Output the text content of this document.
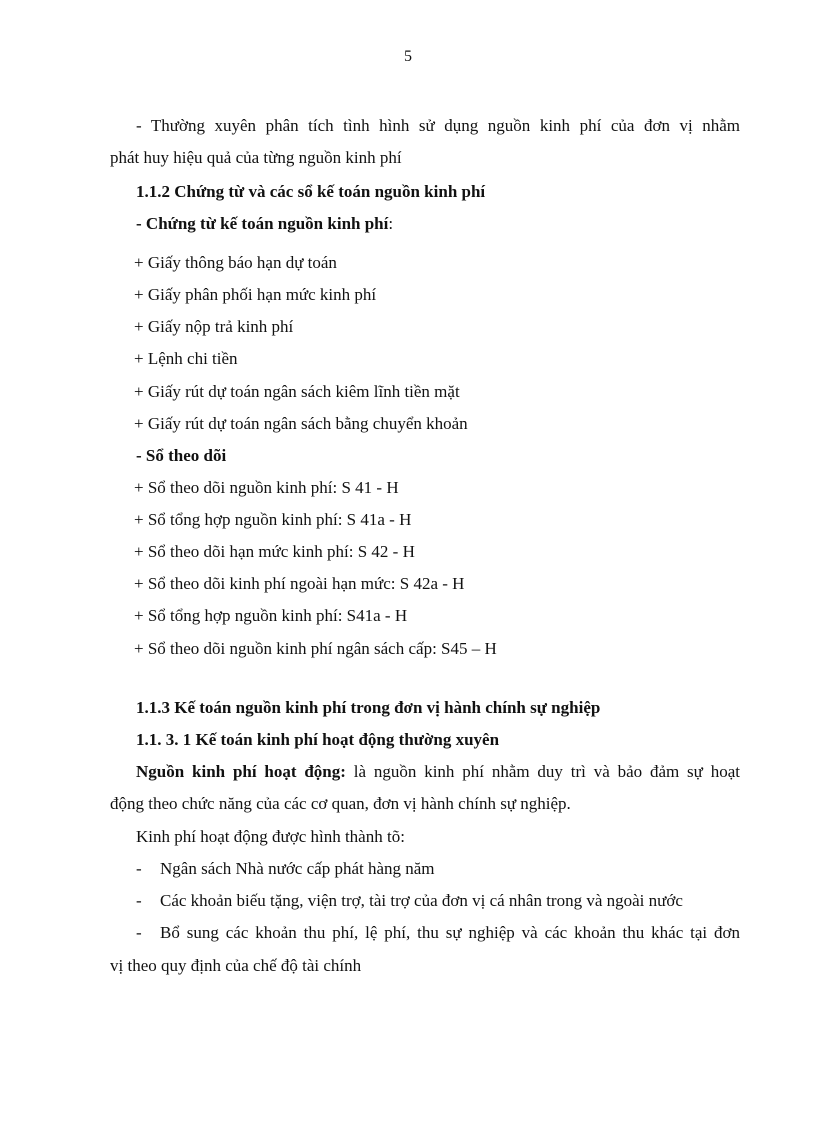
5
- Thường xuyên phân tích tình hình sử dụng nguồn kinh phí của đơn vị nhằm
phát huy hiệu quả của từng nguồn kinh phí
1.1.2 Chứng từ và các sổ kế toán nguồn kinh phí
- Chứng từ kế toán nguồn kinh phí:
+ Giấy thông báo hạn dự toán
+ Giấy phân phối hạn mức kinh phí
+ Giấy nộp trả kinh phí
+ Lệnh chi tiền
+ Giấy rút dự toán ngân sách kiêm lĩnh tiền mặt
+ Giấy rút dự toán ngân sách bằng chuyển khoản
- Sổ theo dõi
+ Sổ theo dõi nguồn kinh phí: S 41 - H
+ Sổ tổng hợp nguồn kinh phí: S 41a - H
+ Sổ theo dõi hạn mức kinh phí: S 42 - H
+ Sổ theo dõi kinh phí ngoài hạn mức: S 42a - H
+ Sổ tổng hợp nguồn kinh phí: S41a - H
+ Sổ theo dõi nguồn kinh phí ngân sách cấp: S45 – H
1.1.3 Kế toán nguồn kinh phí trong đơn vị hành chính sự nghiệp
1.1. 3. 1 Kế toán kinh phí hoạt động thường xuyên
Nguồn kinh phí hoạt động: là nguồn kinh phí nhằm duy trì và bảo đảm sự hoạt
động theo chức năng của các cơ quan, đơn vị hành chính sự nghiệp.
Kinh phí hoạt động được hình thành tõ:
- Ngân sách Nhà nước cấp phát hàng năm
- Các khoản biếu tặng, viện trợ, tài trợ của đơn vị cá nhân trong và ngoài nước
- Bổ sung các khoản thu phí, lệ phí, thu sự nghiệp và các khoản thu khác tại đơn
vị theo quy định của chế độ tài chính
